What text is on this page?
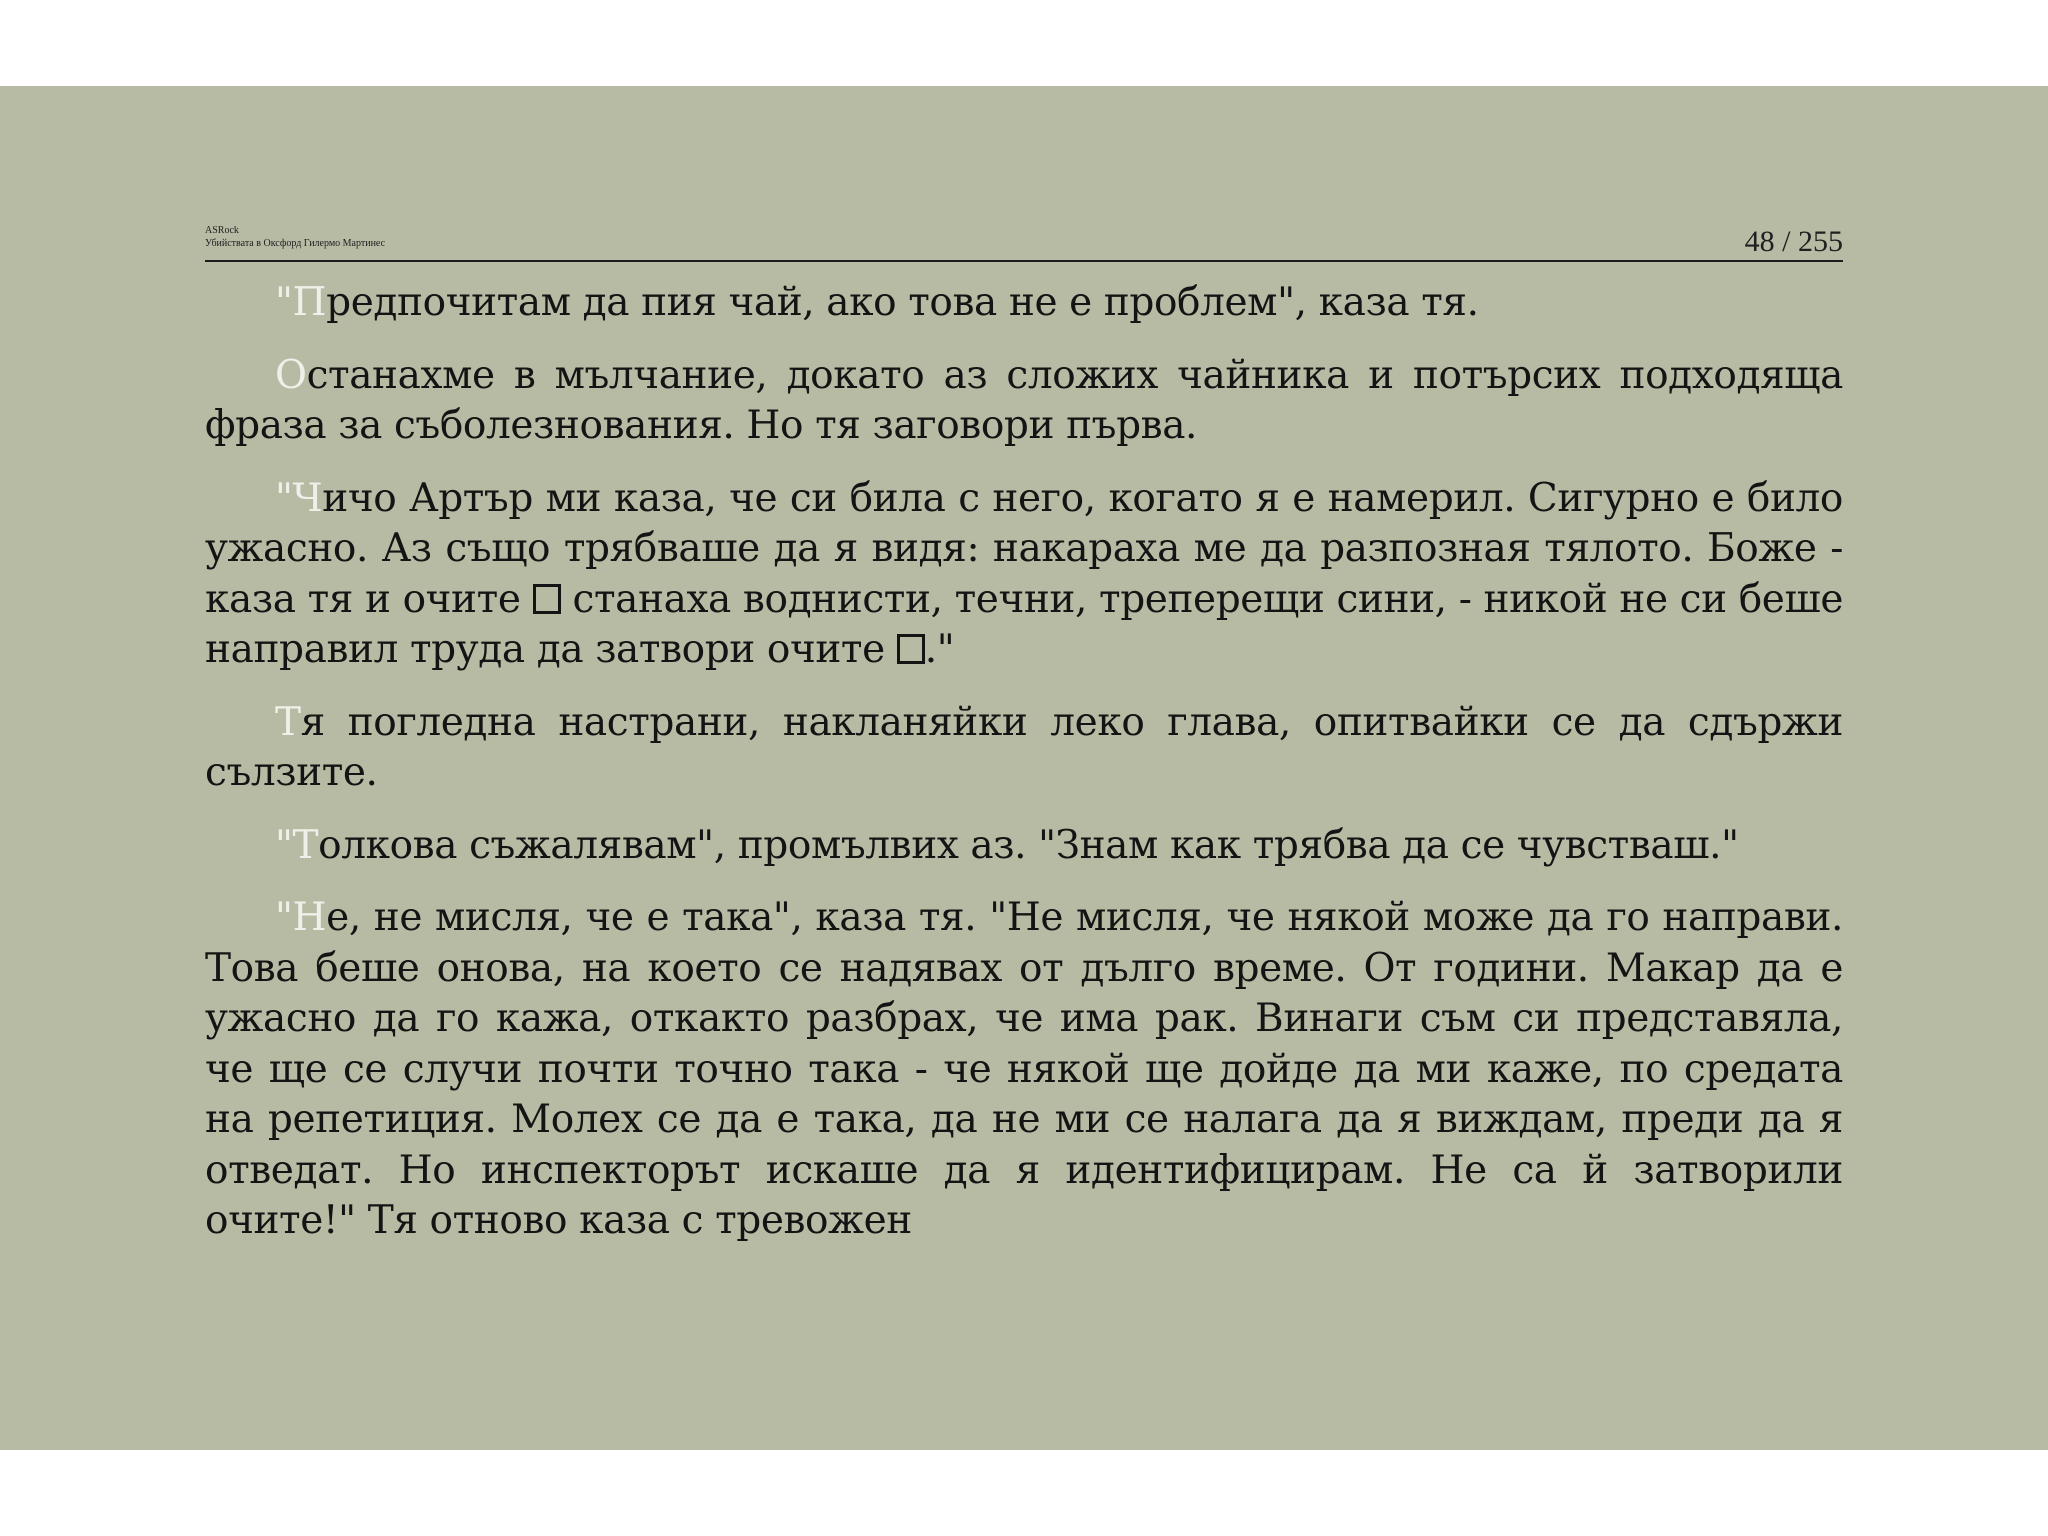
ASRock
Убийствата в Оксфорд Гилермо Мартинес	48 / 255

"Предпочитам да пия чай, ако това не е проблем", каза тя.

Останахме в мълчание, докато аз сложих чайника и потърсих подходяща фраза за съболезнования. Но тя заговори първа.

"Чичо Артър ми каза, че си била с него, когато я е намерил. Сигурно е било ужасно. Аз също трябваше да я видя: накараха ме да разпозная тялото. Боже - каза тя и очите  станаха воднисти, течни, треперещи сини, - никой не си беше направил труда да затвори очите ."

Тя погледна настрани, накланяйки леко глава, опитвайки се да сдържи сълзите.

"Толкова съжалявам", промълвих аз. "Знам как трябва да се чувстваш."

"Не, не мисля, че е така", каза тя. "Не мисля, че някой може да го направи. Това беше онова, на което се надявах от дълго време. От години. Макар да е ужасно да го кажа, откакто разбрах, че има рак. Винаги съм си представяла, че ще се случи почти точно така - че някой ще дойде да ми каже, по средата на репетиция. Молех се да е така, да не ми се налага да я виждам, преди да я отведат. Но инспекторът искаше да я идентифицирам. Не са й затворили очите!" Тя отново каза с тревожен
